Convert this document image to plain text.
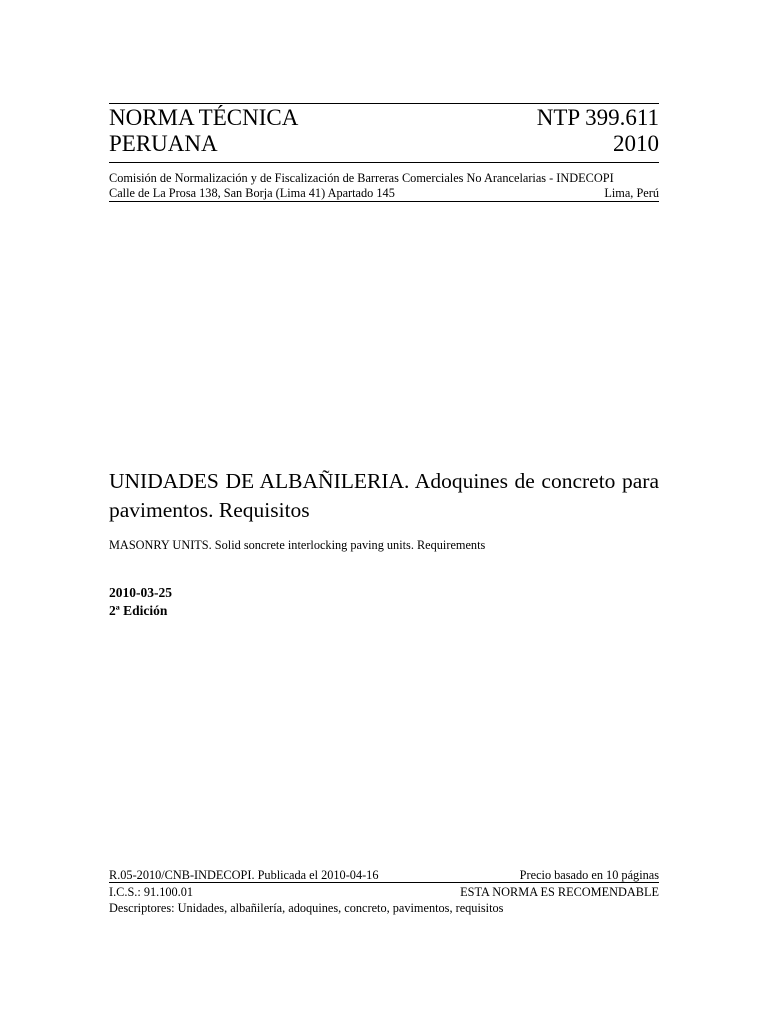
NORMA TÉCNICA	NTP 399.611
PERUANA	2010
Comisión de Normalización y de Fiscalización de Barreras Comerciales No Arancelarias - INDECOPI
Calle de La Prosa 138, San Borja (Lima 41) Apartado 145	Lima, Perú
UNIDADES DE ALBAÑILERIA. Adoquines de concreto para pavimentos. Requisitos
MASONRY UNITS. Solid soncrete interlocking paving units. Requirements
2010-03-25
2ª Edición
R.05-2010/CNB-INDECOPI. Publicada el 2010-04-16	Precio basado en 10 páginas
I.C.S.: 91.100.01	ESTA NORMA ES RECOMENDABLE
Descriptores: Unidades, albañilería, adoquines, concreto, pavimentos, requisitos
